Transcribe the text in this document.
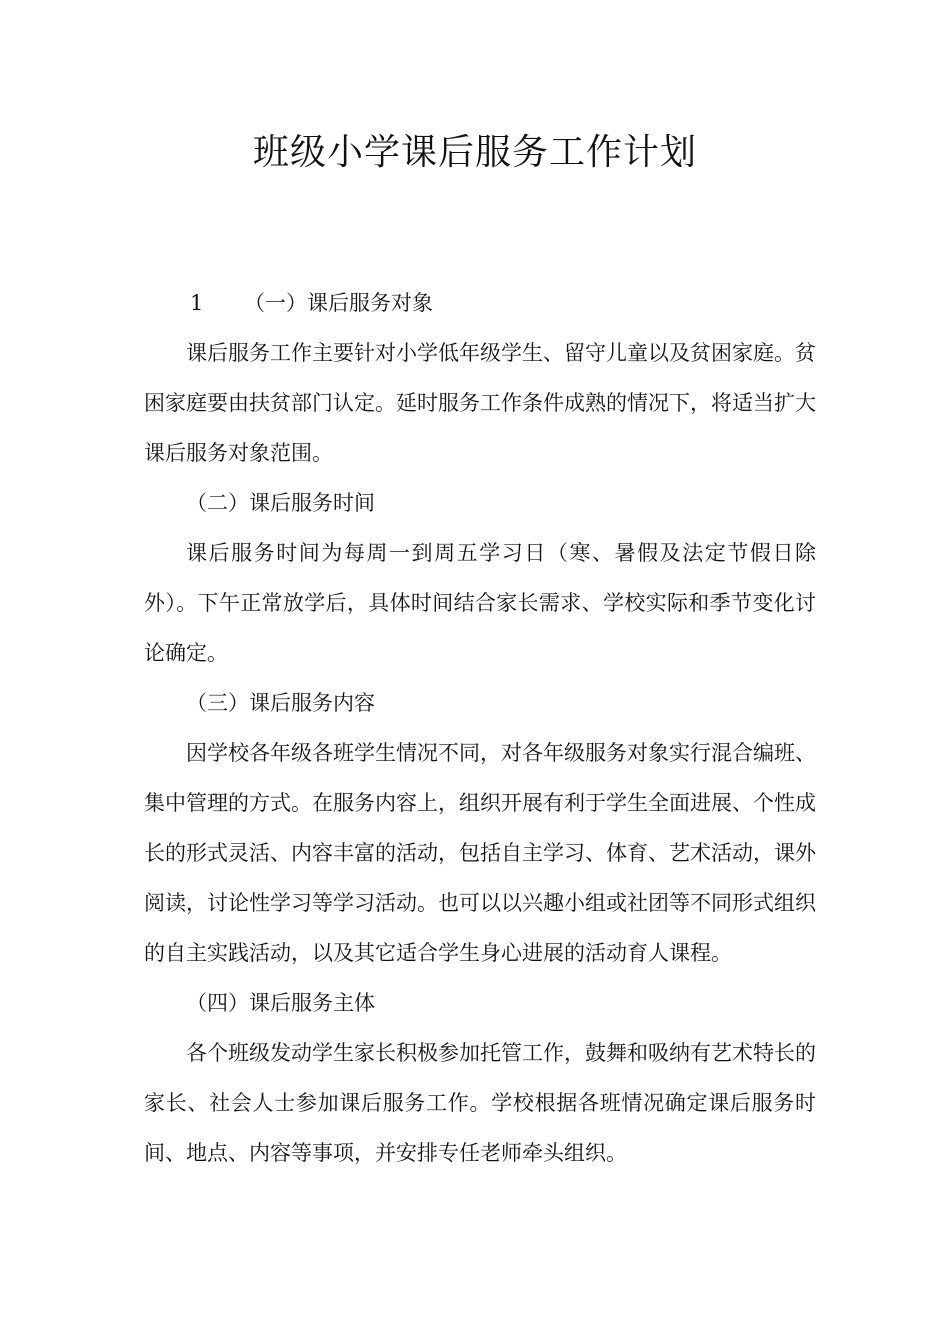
班级小学课后服务工作计划

1 （一）课后服务对象

课后服务工作主要针对小学低年级学生、留守儿童以及贫困家庭。贫困家庭要由扶贫部门认定。延时服务工作条件成熟的情况下，将适当扩大课后服务对象范围。

（二）课后服务时间

课后服务时间为每周一到周五学习日（寒、暑假及法定节假日除外）。下午正常放学后，具体时间结合家长需求、学校实际和季节变化讨论确定。

（三）课后服务内容

因学校各年级各班学生情况不同，对各年级服务对象实行混合编班、集中管理的方式。在服务内容上，组织开展有利于学生全面进展、个性成长的形式灵活、内容丰富的活动，包括自主学习、体育、艺术活动，课外阅读，讨论性学习等学习活动。也可以以兴趣小组或社团等不同形式组织的自主实践活动，以及其它适合学生身心进展的活动育人课程。

（四）课后服务主体

各个班级发动学生家长积极参加托管工作，鼓舞和吸纳有艺术特长的家长、社会人士参加课后服务工作。学校根据各班情况确定课后服务时间、地点、内容等事项，并安排专任老师牵头组织。
